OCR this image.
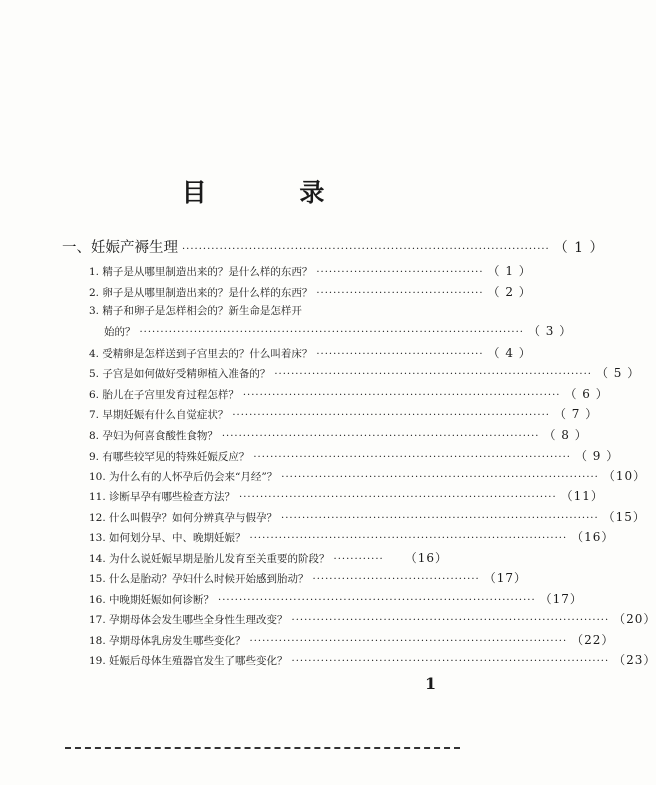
目 录
一、妊娠产褥生理 ························································································ （ 1 ）
1. 精子是从哪里制造出来的？是什么样的东西？ ········································ （ 1 ）
2. 卵子是从哪里制造出来的？是什么样的东西？ ········································ （ 2 ）
3. 精子和卵子是怎样相会的？新生命是怎样开
始的？ ···························································································· （ 3 ）
4. 受精卵是怎样送到子宫里去的？什么叫着床？ ········································ （ 4 ）
5. 子宫是如何做好受精卵植入准备的？ ············································································ （ 5 ）
6. 胎儿在子宫里发育过程怎样？ ············································································ （ 6 ）
7. 早期妊娠有什么自觉症状？ ············································································ （ 7 ）
8. 孕妇为何喜食酸性食物？ ············································································ （ 8 ）
9. 有哪些较罕见的特殊妊娠反应？ ············································································ （ 9 ）
10. 为什么有的人怀孕后仍会来“月经”？ ············································································ （10）
11. 诊断早孕有哪些检查方法？ ············································································ （11）
12. 什么叫假孕？如何分辨真孕与假孕？ ············································································ （15）
13. 如何划分早、中、晚期妊娠？ ············································································ （16）
14. 为什么说妊娠早期是胎儿发育至关重要的阶段？ ············	（16）
15. 什么是胎动？孕妇什么时候开始感到胎动？ ········································ （17）
16. 中晚期妊娠如何诊断？ ············································································ （17）
17. 孕期母体会发生哪些全身性生理改变？ ············································································ （20）
18. 孕期母体乳房发生哪些变化？ ············································································ （22）
19. 妊娠后母体生殖器官发生了哪些变化？ ············································································ （23）
1
